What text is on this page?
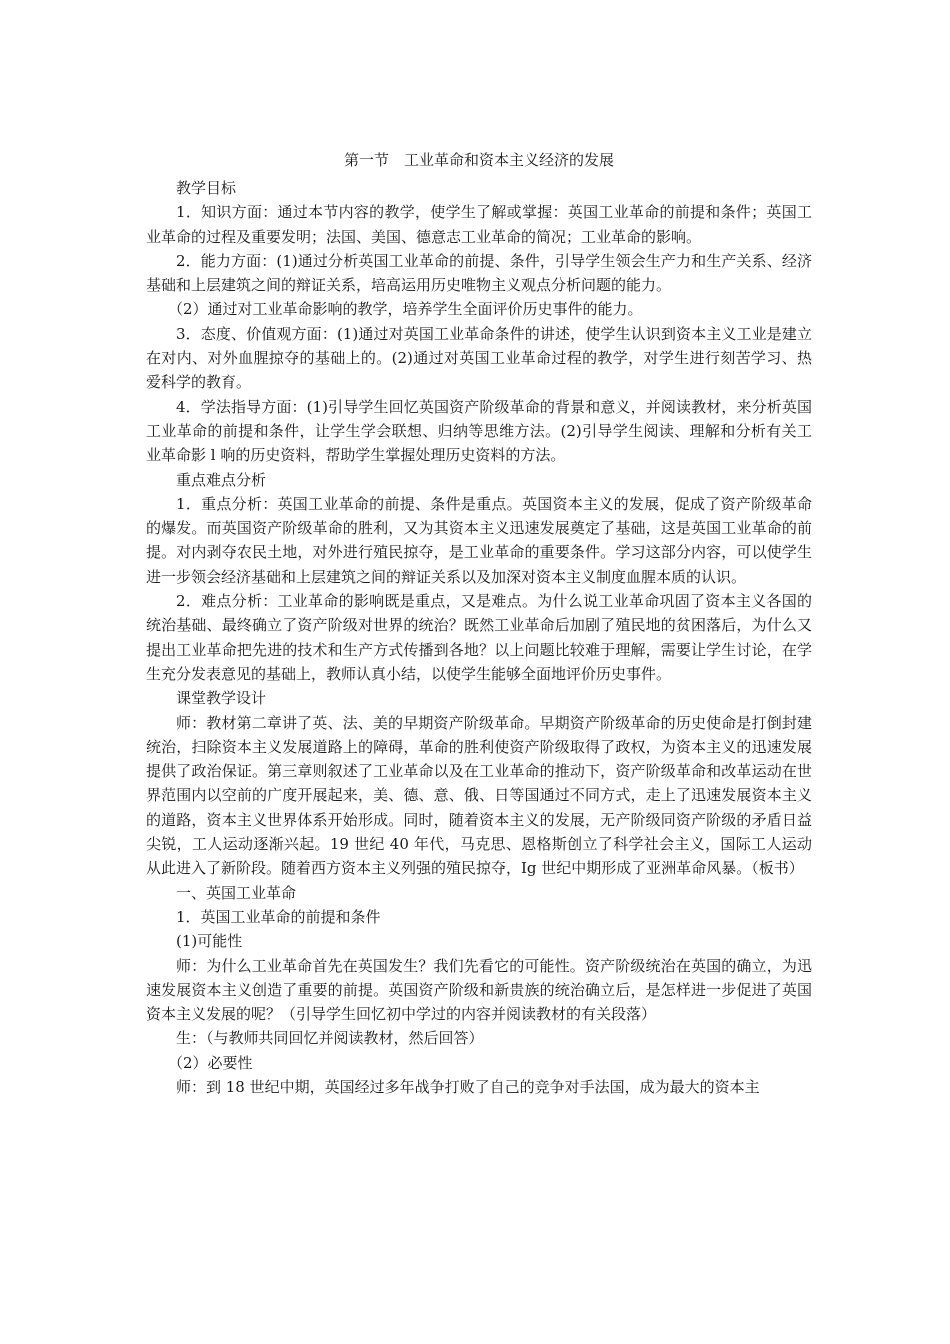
第一节　工业革命和资本主义经济的发展

教学目标

1．知识方面：通过本节内容的教学，使学生了解或掌握：英国工业革命的前提和条件；英国工业革命的过程及重要发明；法国、美国、德意志工业革命的简况；工业革命的影响。

2．能力方面：(1)通过分析英国工业革命的前提、条件，引导学生领会生产力和生产关系、经济基础和上层建筑之间的辩证关系，培高运用历史唯物主义观点分析问题的能力。

（2）通过对工业革命影响的教学，培养学生全面评价历史事件的能力。

3．态度、价值观方面：(1)通过对英国工业革命条件的讲述，使学生认识到资本主义工业是建立在对内、对外血腥掠夺的基础上的。(2)通过对英国工业革命过程的教学，对学生进行刻苦学习、热爱科学的教育。

4．学法指导方面：(1)引导学生回忆英国资产阶级革命的背景和意义，并阅读教材，来分析英国工业革命的前提和条件，让学生学会联想、归纳等思维方法。(2)引导学生阅读、理解和分析有关工业革命影 l 响的历史资料，帮助学生掌握处理历史资料的方法。

重点难点分析

1．重点分析：英国工业革命的前提、条件是重点。英国资本主义的发展，促成了资产阶级革命的爆发。而英国资产阶级革命的胜利，又为其资本主义迅速发展奠定了基础，这是英国工业革命的前提。对内剥夺农民土地，对外进行殖民掠夺，是工业革命的重要条件。学习这部分内容，可以使学生进一步领会经济基础和上层建筑之间的辩证关系以及加深对资本主义制度血腥本质的认识。

2．难点分析：工业革命的影响既是重点，又是难点。为什么说工业革命巩固了资本主义各国的统治基础、最终确立了资产阶级对世界的统治？既然工业革命后加剧了殖民地的贫困落后，为什么又提出工业革命把先进的技术和生产方式传播到各地？以上问题比较难于理解，需要让学生讨论，在学生充分发表意见的基础上，教师认真小结，以使学生能够全面地评价历史事件。

课堂教学设计

师：教材第二章讲了英、法、美的早期资产阶级革命。早期资产阶级革命的历史使命是打倒封建统治，扫除资本主义发展道路上的障碍，革命的胜利使资产阶级取得了政权，为资本主义的迅速发展提供了政治保证。第三章则叙述了工业革命以及在工业革命的推动下，资产阶级革命和改革运动在世界范围内以空前的广度开展起来，美、德、意、俄、日等国通过不同方式，走上了迅速发展资本主义的道路，资本主义世界体系开始形成。同时，随着资本主义的发展，无产阶级同资产阶级的矛盾日益尖锐，工人运动逐渐兴起。19 世纪 40 年代，马克思、恩格斯创立了科学社会主义，国际工人运动从此进入了新阶段。随着西方资本主义列强的殖民掠夺，Ig 世纪中期形成了亚洲革命风暴。（板书）

一、英国工业革命

1．英国工业革命的前提和条件

(1)可能性

师：为什么工业革命首先在英国发生？我们先看它的可能性。资产阶级统治在英国的确立，为迅速发展资本主义创造了重要的前提。英国资产阶级和新贵族的统治确立后，是怎样进一步促进了英国资本主义发展的呢？（引导学生回忆初中学过的内容并阅读教材的有关段落）

生：（与教师共同回忆并阅读教材，然后回答）

（2）必要性

师：到 18 世纪中期，英国经过多年战争打败了自己的竞争对手法国，成为最大的资本主
